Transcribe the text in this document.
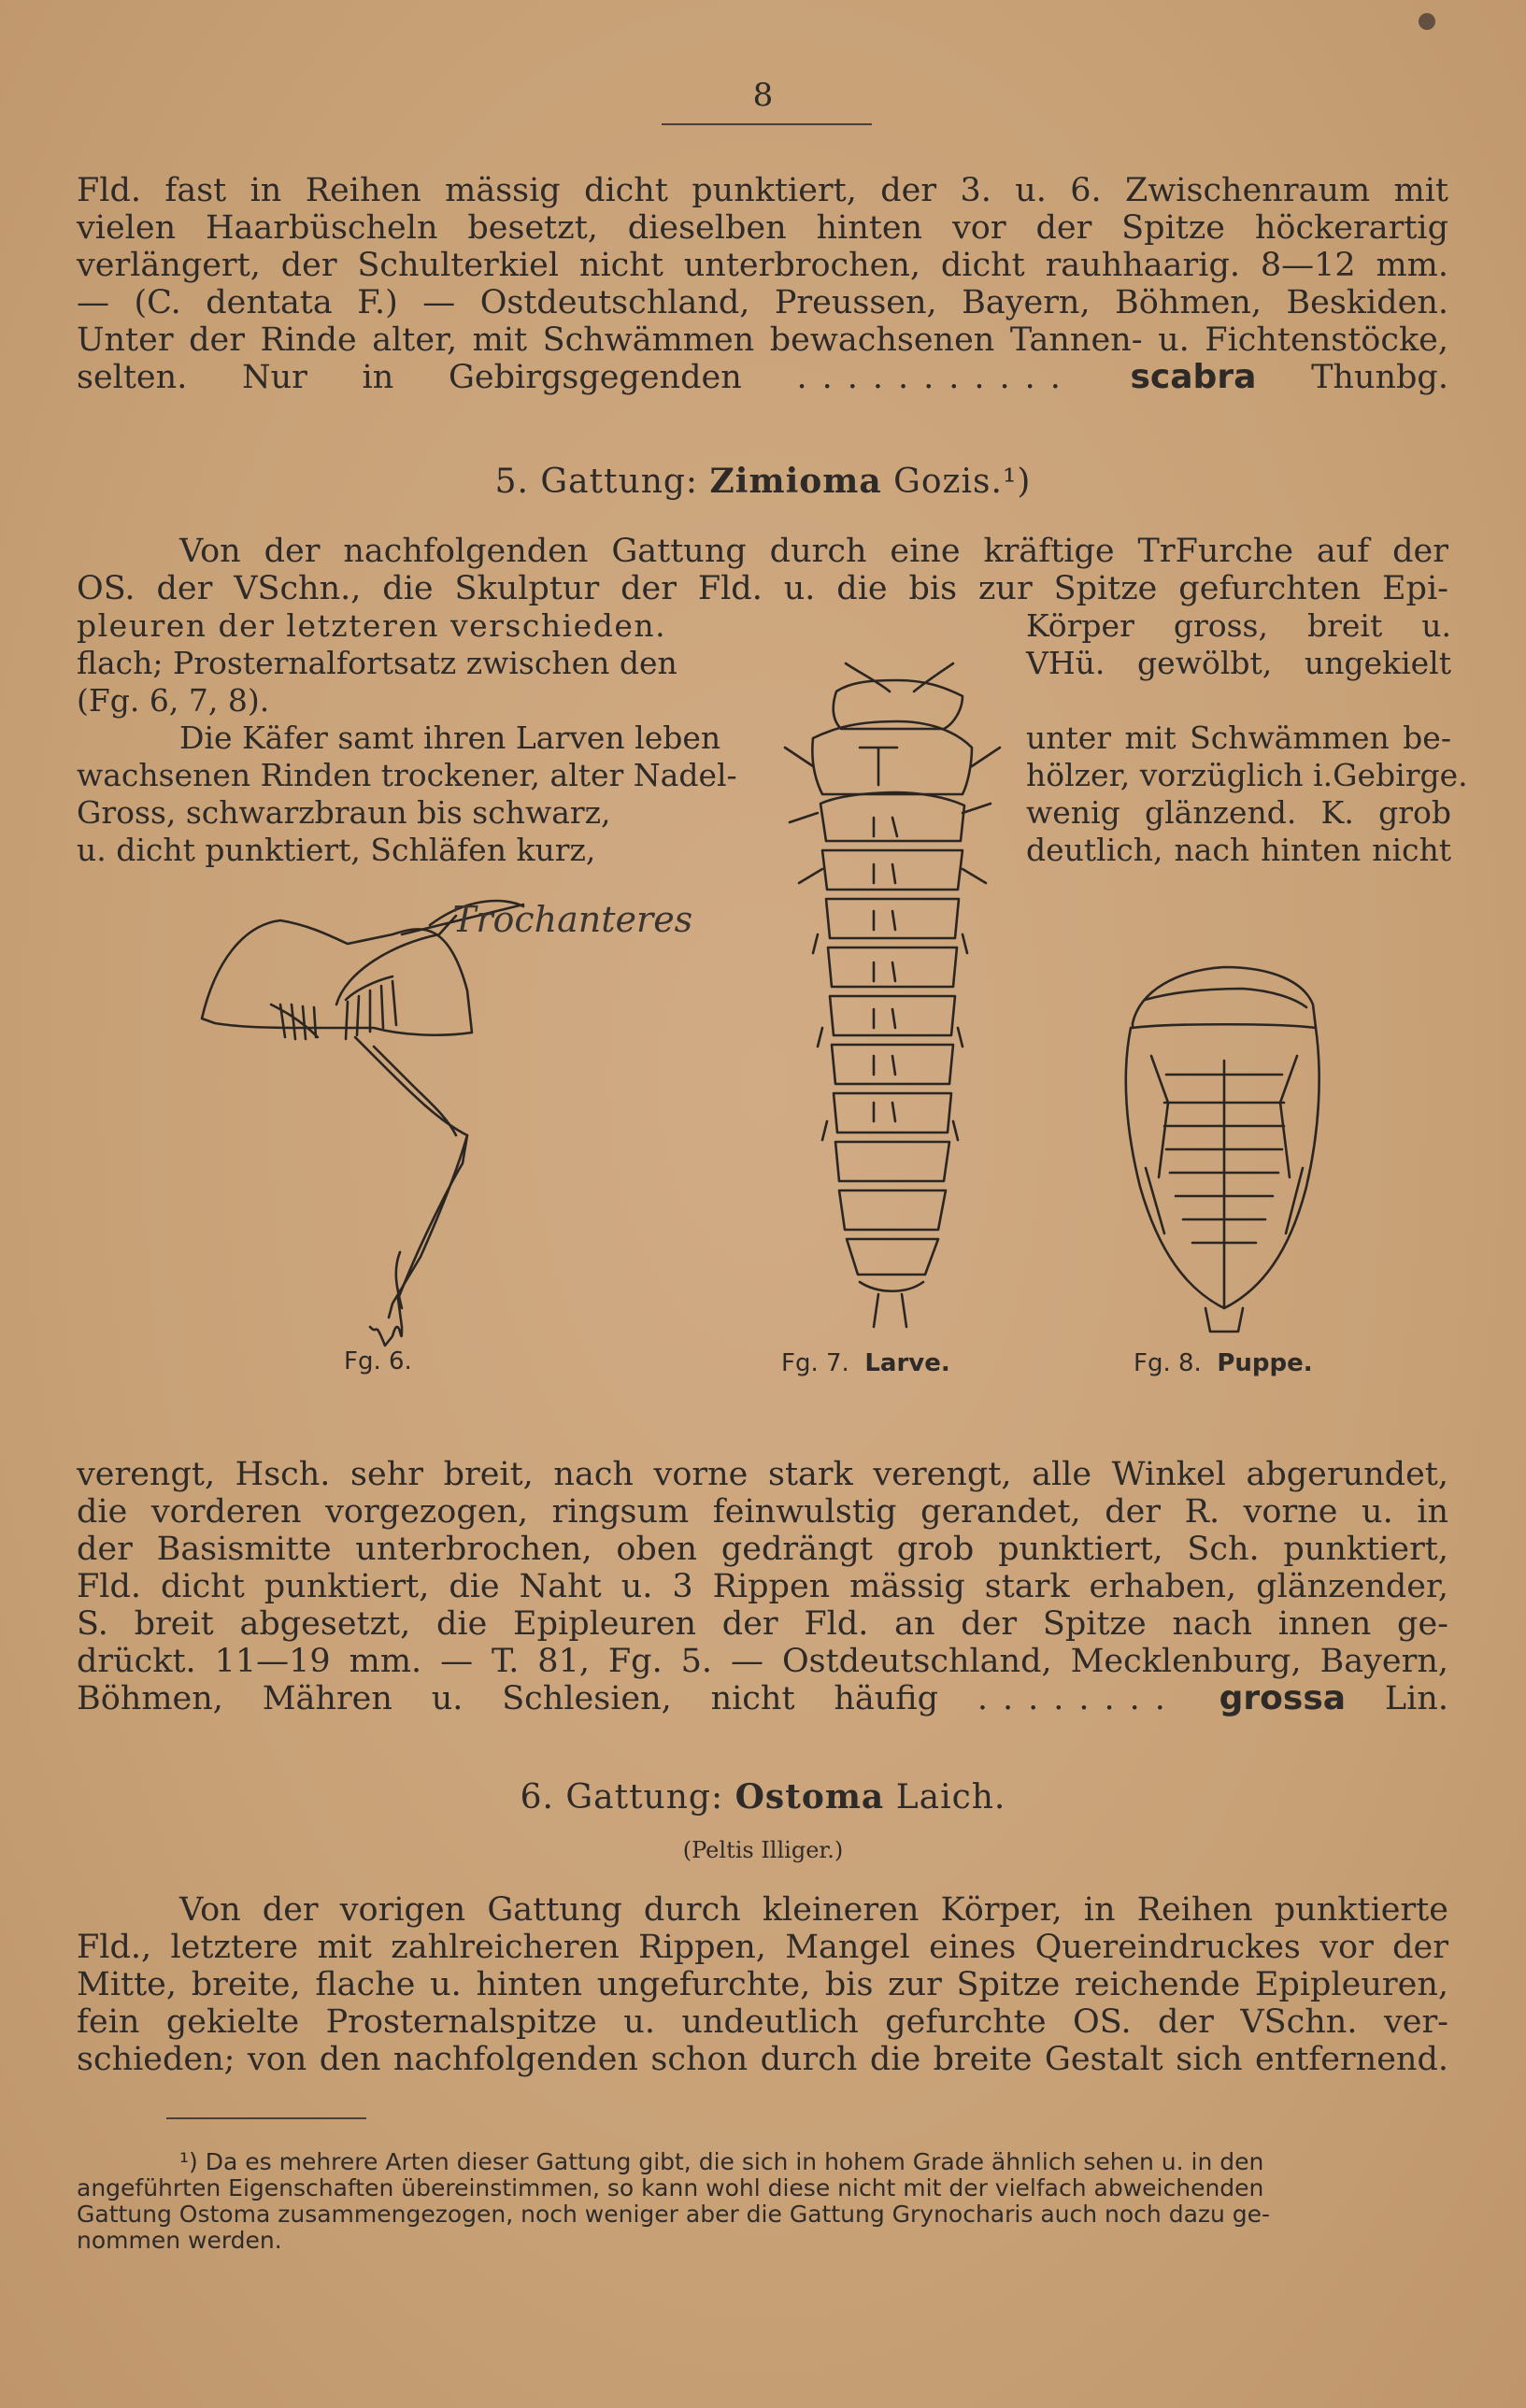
8

Fld. fast in Reihen mässig dicht punktiert, der 3. u. 6. Zwischenraum mit
vielen Haarbüscheln besetzt, dieselben hinten vor der Spitze höckerartig
verlängert, der Schulterkiel nicht unterbrochen, dicht rauhhaarig. 8—12 mm.
— (C. dentata F.) — Ostdeutschland, Preussen, Bayern, Böhmen, Beskiden.
Unter der Rinde alter, mit Schwämmen bewachsenen Tannen- u. Fichtenstöcke,
selten. Nur in Gebirgsgegenden ........... scabra Thunbg.

5. Gattung: Zimioma Gozis.¹)

Von der nachfolgenden Gattung durch eine kräftige TrFurche auf der
OS. der VSchn., die Skulptur der Fld. u. die bis zur Spitze gefurchten Epi-

pleuren der letzteren verschieden.
flach; Prosternalfortsatz zwischen den
(Fg. 6, 7, 8).
Die Käfer samt ihren Larven leben
wachsenen Rinden trockener, alter Nadel-
Gross, schwarzbraun bis schwarz,
u. dicht punktiert, Schläfen kurz,
Körper gross, breit u.
VHü. gewölbt, ungekielt

unter mit Schwämmen be-
hölzer, vorzüglich i.Gebirge.
wenig glänzend. K. grob
deutlich, nach hinten nicht
Trochanteres
Fg. 6.	Fg. 7. Larve.	Fg. 8. Puppe.

verengt, Hsch. sehr breit, nach vorne stark verengt, alle Winkel abgerundet,
die vorderen vorgezogen, ringsum feinwulstig gerandet, der R. vorne u. in
der Basismitte unterbrochen, oben gedrängt grob punktiert, Sch. punktiert,
Fld. dicht punktiert, die Naht u. 3 Rippen mässig stark erhaben, glänzender,
S. breit abgesetzt, die Epipleuren der Fld. an der Spitze nach innen ge-
drückt. 11—19 mm. — T. 81, Fg. 5. — Ostdeutschland, Mecklenburg, Bayern,
Böhmen, Mähren u. Schlesien, nicht häufig ........ grossa Lin.

6. Gattung: Ostoma Laich.
(Peltis Illiger.)

Von der vorigen Gattung durch kleineren Körper, in Reihen punktierte
Fld., letztere mit zahlreicheren Rippen, Mangel eines Quereindruckes vor der
Mitte, breite, flache u. hinten ungefurchte, bis zur Spitze reichende Epipleuren,
fein gekielte Prosternalspitze u. undeutlich gefurchte OS. der VSchn. ver-
schieden; von den nachfolgenden schon durch die breite Gestalt sich entfernend.

¹) Da es mehrere Arten dieser Gattung gibt, die sich in hohem Grade ähnlich sehen u. in den
angeführten Eigenschaften übereinstimmen, so kann wohl diese nicht mit der vielfach abweichenden
Gattung Ostoma zusammengezogen, noch weniger aber die Gattung Grynocharis auch noch dazu ge-
nommen werden.
